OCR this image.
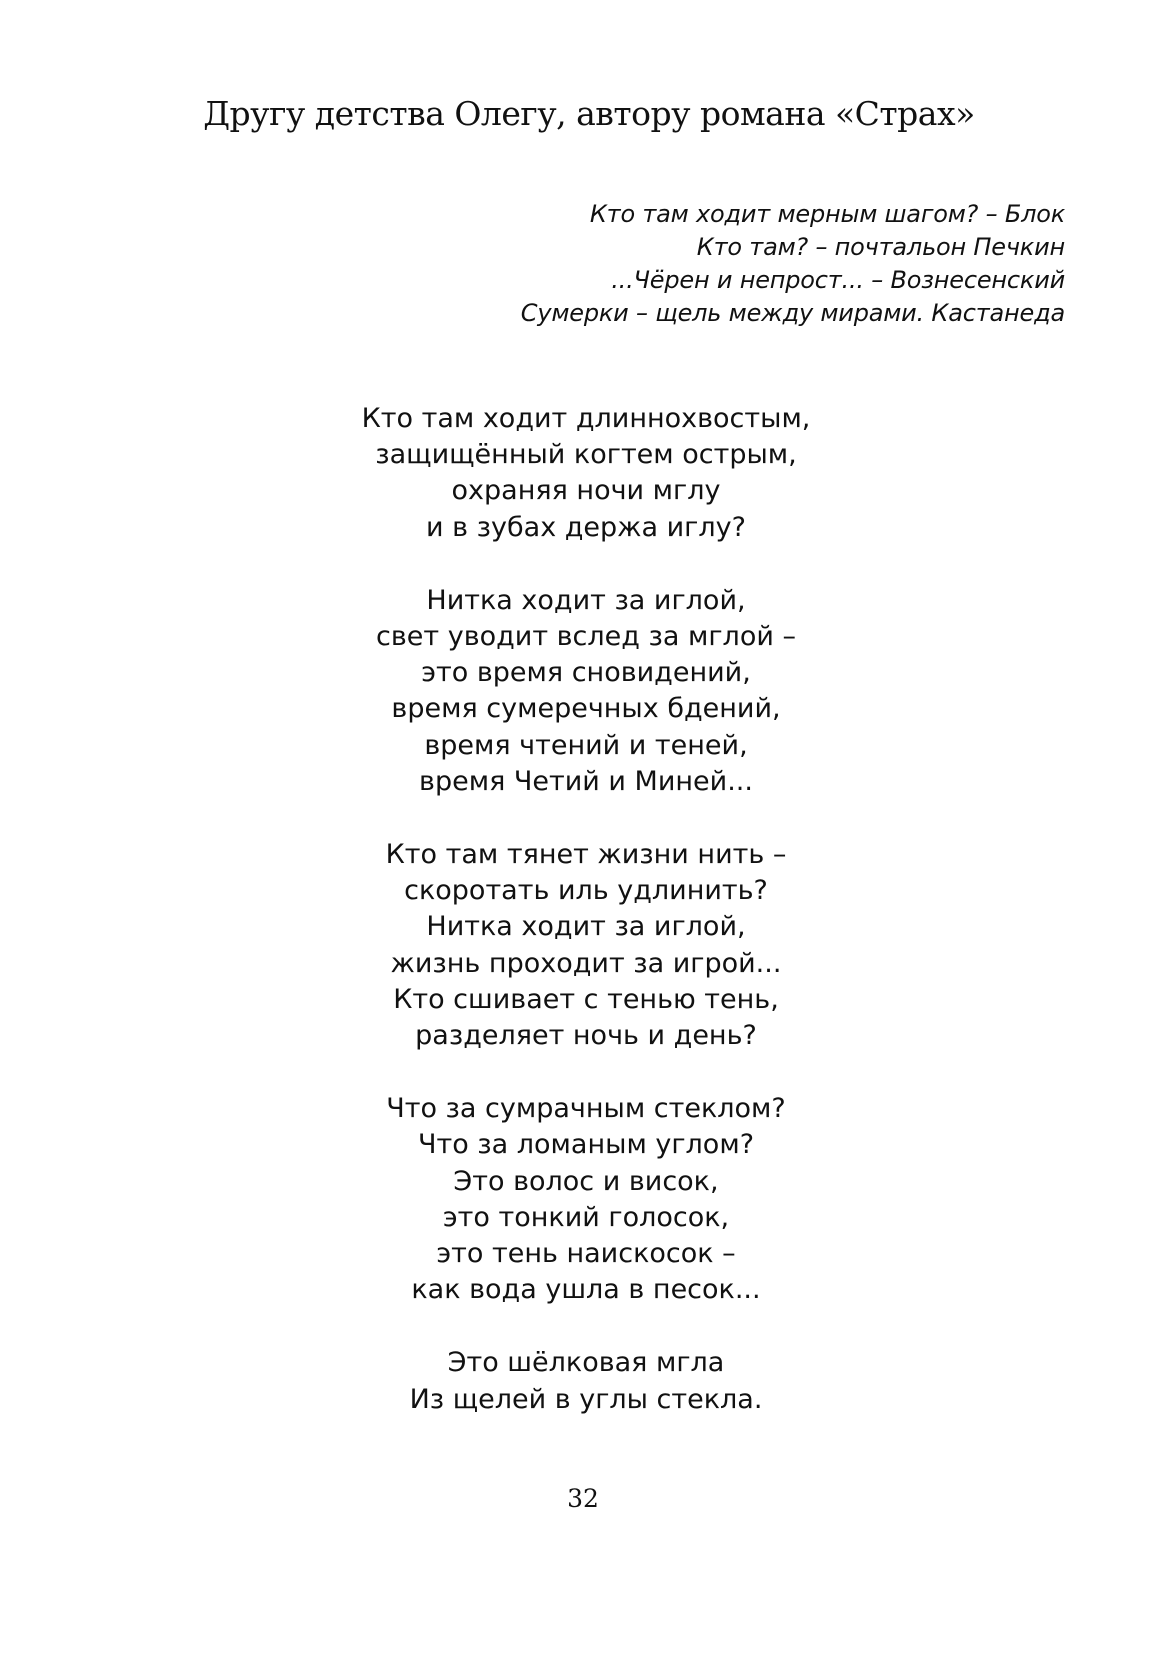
Другу детства Олегу, автору романа «Страх»
Кто там ходит мерным шагом? – Блок
Кто там? – почтальон Печкин
...Чёрен и непрост... – Вознесенский
Сумерки – щель между мирами. Кастанеда
Кто там ходит длиннохвостым,
защищённый когтем острым,
охраняя ночи мглу
и в зубах держа иглу?
Нитка ходит за иглой,
свет уводит вслед за мглой –
это время сновидений,
время сумеречных бдений,
время чтений и теней,
время Четий и Миней...
Кто там тянет жизни нить –
скоротать иль удлинить?
Нитка ходит за иглой,
жизнь проходит за игрой...
Кто сшивает с тенью тень,
разделяет ночь и день?
Что за сумрачным стеклом?
Что за ломаным углом?
Это волос и висок,
это тонкий голосок,
это тень наискосок –
как вода ушла в песок...
Это шёлковая мгла
Из щелей в углы стекла.
32
